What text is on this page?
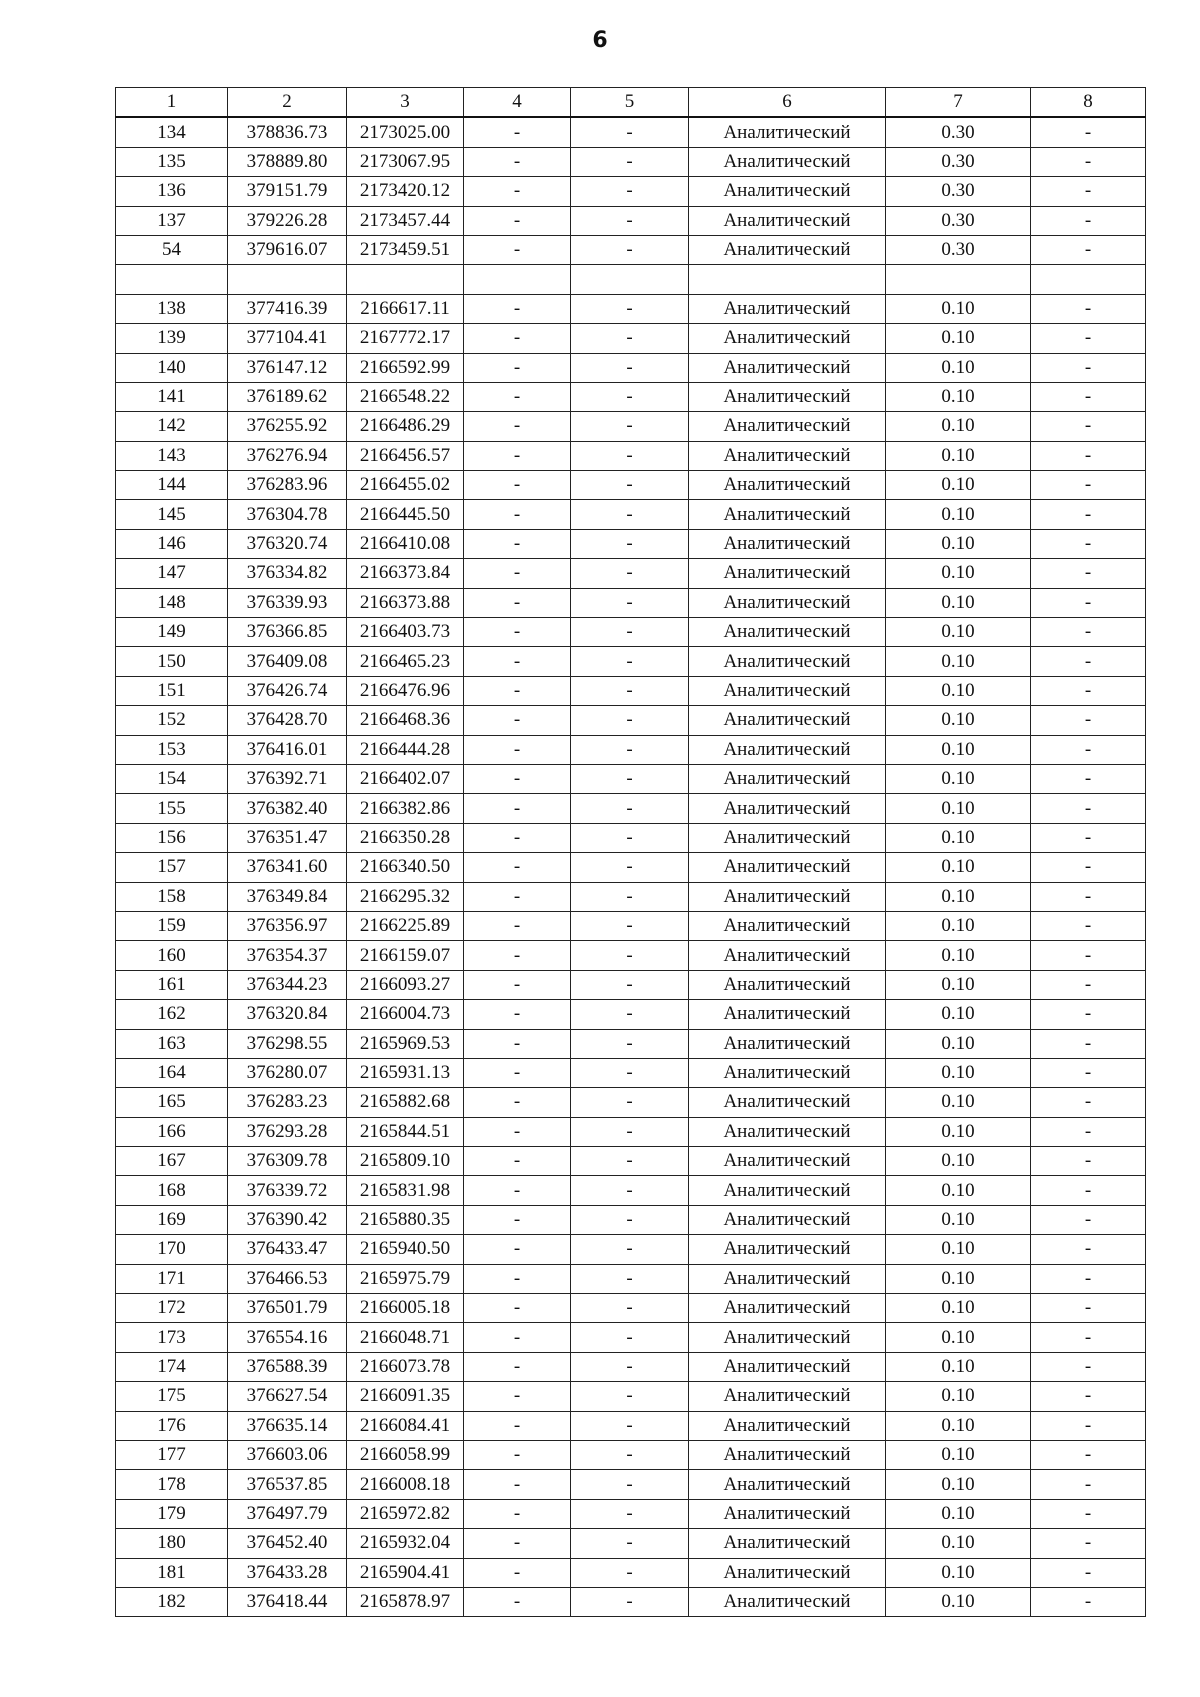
6
1	2	3	4	5	6	7	8
134	378836.73	2173025.00	-	-	Аналитический	0.30	-
135	378889.80	2173067.95	-	-	Аналитический	0.30	-
136	379151.79	2173420.12	-	-	Аналитический	0.30	-
137	379226.28	2173457.44	-	-	Аналитический	0.30	-
54	379616.07	2173459.51	-	-	Аналитический	0.30	-

138	377416.39	2166617.11	-	-	Аналитический	0.10	-
139	377104.41	2167772.17	-	-	Аналитический	0.10	-
140	376147.12	2166592.99	-	-	Аналитический	0.10	-
141	376189.62	2166548.22	-	-	Аналитический	0.10	-
142	376255.92	2166486.29	-	-	Аналитический	0.10	-
143	376276.94	2166456.57	-	-	Аналитический	0.10	-
144	376283.96	2166455.02	-	-	Аналитический	0.10	-
145	376304.78	2166445.50	-	-	Аналитический	0.10	-
146	376320.74	2166410.08	-	-	Аналитический	0.10	-
147	376334.82	2166373.84	-	-	Аналитический	0.10	-
148	376339.93	2166373.88	-	-	Аналитический	0.10	-
149	376366.85	2166403.73	-	-	Аналитический	0.10	-
150	376409.08	2166465.23	-	-	Аналитический	0.10	-
151	376426.74	2166476.96	-	-	Аналитический	0.10	-
152	376428.70	2166468.36	-	-	Аналитический	0.10	-
153	376416.01	2166444.28	-	-	Аналитический	0.10	-
154	376392.71	2166402.07	-	-	Аналитический	0.10	-
155	376382.40	2166382.86	-	-	Аналитический	0.10	-
156	376351.47	2166350.28	-	-	Аналитический	0.10	-
157	376341.60	2166340.50	-	-	Аналитический	0.10	-
158	376349.84	2166295.32	-	-	Аналитический	0.10	-
159	376356.97	2166225.89	-	-	Аналитический	0.10	-
160	376354.37	2166159.07	-	-	Аналитический	0.10	-
161	376344.23	2166093.27	-	-	Аналитический	0.10	-
162	376320.84	2166004.73	-	-	Аналитический	0.10	-
163	376298.55	2165969.53	-	-	Аналитический	0.10	-
164	376280.07	2165931.13	-	-	Аналитический	0.10	-
165	376283.23	2165882.68	-	-	Аналитический	0.10	-
166	376293.28	2165844.51	-	-	Аналитический	0.10	-
167	376309.78	2165809.10	-	-	Аналитический	0.10	-
168	376339.72	2165831.98	-	-	Аналитический	0.10	-
169	376390.42	2165880.35	-	-	Аналитический	0.10	-
170	376433.47	2165940.50	-	-	Аналитический	0.10	-
171	376466.53	2165975.79	-	-	Аналитический	0.10	-
172	376501.79	2166005.18	-	-	Аналитический	0.10	-
173	376554.16	2166048.71	-	-	Аналитический	0.10	-
174	376588.39	2166073.78	-	-	Аналитический	0.10	-
175	376627.54	2166091.35	-	-	Аналитический	0.10	-
176	376635.14	2166084.41	-	-	Аналитический	0.10	-
177	376603.06	2166058.99	-	-	Аналитический	0.10	-
178	376537.85	2166008.18	-	-	Аналитический	0.10	-
179	376497.79	2165972.82	-	-	Аналитический	0.10	-
180	376452.40	2165932.04	-	-	Аналитический	0.10	-
181	376433.28	2165904.41	-	-	Аналитический	0.10	-
182	376418.44	2165878.97	-	-	Аналитический	0.10	-
